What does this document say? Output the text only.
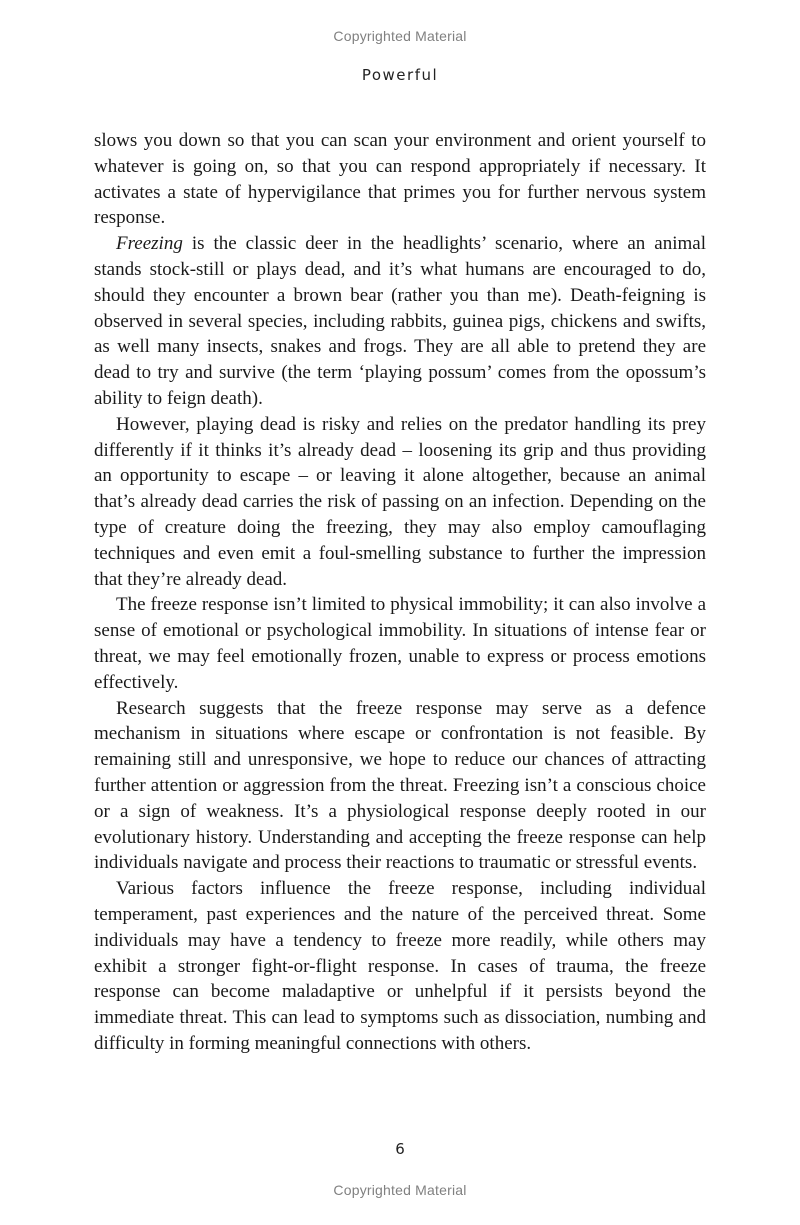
Copyrighted Material
Powerful

slows you down so that you can scan your environment and orient yourself to whatever is going on, so that you can respond appropriately if necessary. It activates a state of hypervigilance that primes you for further nervous system response.

Freezing is the classic deer in the headlights’ scenario, where an animal stands stock-still or plays dead, and it’s what humans are encouraged to do, should they encounter a brown bear (rather you than me). Death-feigning is observed in several species, including rabbits, guinea pigs, chickens and swifts, as well many insects, snakes and frogs. They are all able to pretend they are dead to try and survive (the term ‘playing possum’ comes from the opossum’s ability to feign death).

However, playing dead is risky and relies on the predator handling its prey differently if it thinks it’s already dead – loosening its grip and thus providing an opportunity to escape – or leaving it alone altogether, because an animal that’s already dead carries the risk of passing on an infection. Depending on the type of creature doing the freezing, they may also employ camouflaging techniques and even emit a foul-smelling substance to further the impression that they’re already dead.

The freeze response isn’t limited to physical immobility; it can also involve a sense of emotional or psychological immobility. In situations of intense fear or threat, we may feel emotionally frozen, unable to express or process emotions effectively.

Research suggests that the freeze response may serve as a defence mechanism in situations where escape or confrontation is not feasible. By remaining still and unresponsive, we hope to reduce our chances of attracting further attention or aggression from the threat. Freezing isn’t a conscious choice or a sign of weakness. It’s a physiological response deeply rooted in our evolutionary history. Understanding and accepting the freeze response can help individuals navigate and process their reactions to traumatic or stressful events.

Various factors influence the freeze response, including individual temperament, past experiences and the nature of the perceived threat. Some individuals may have a tendency to freeze more readily, while others may exhibit a stronger fight-or-flight response. In cases of trauma, the freeze response can become maladaptive or unhelpful if it persists beyond the immediate threat. This can lead to symptoms such as dissociation, numbing and difficulty in forming meaningful connections with others.

6
Copyrighted Material
